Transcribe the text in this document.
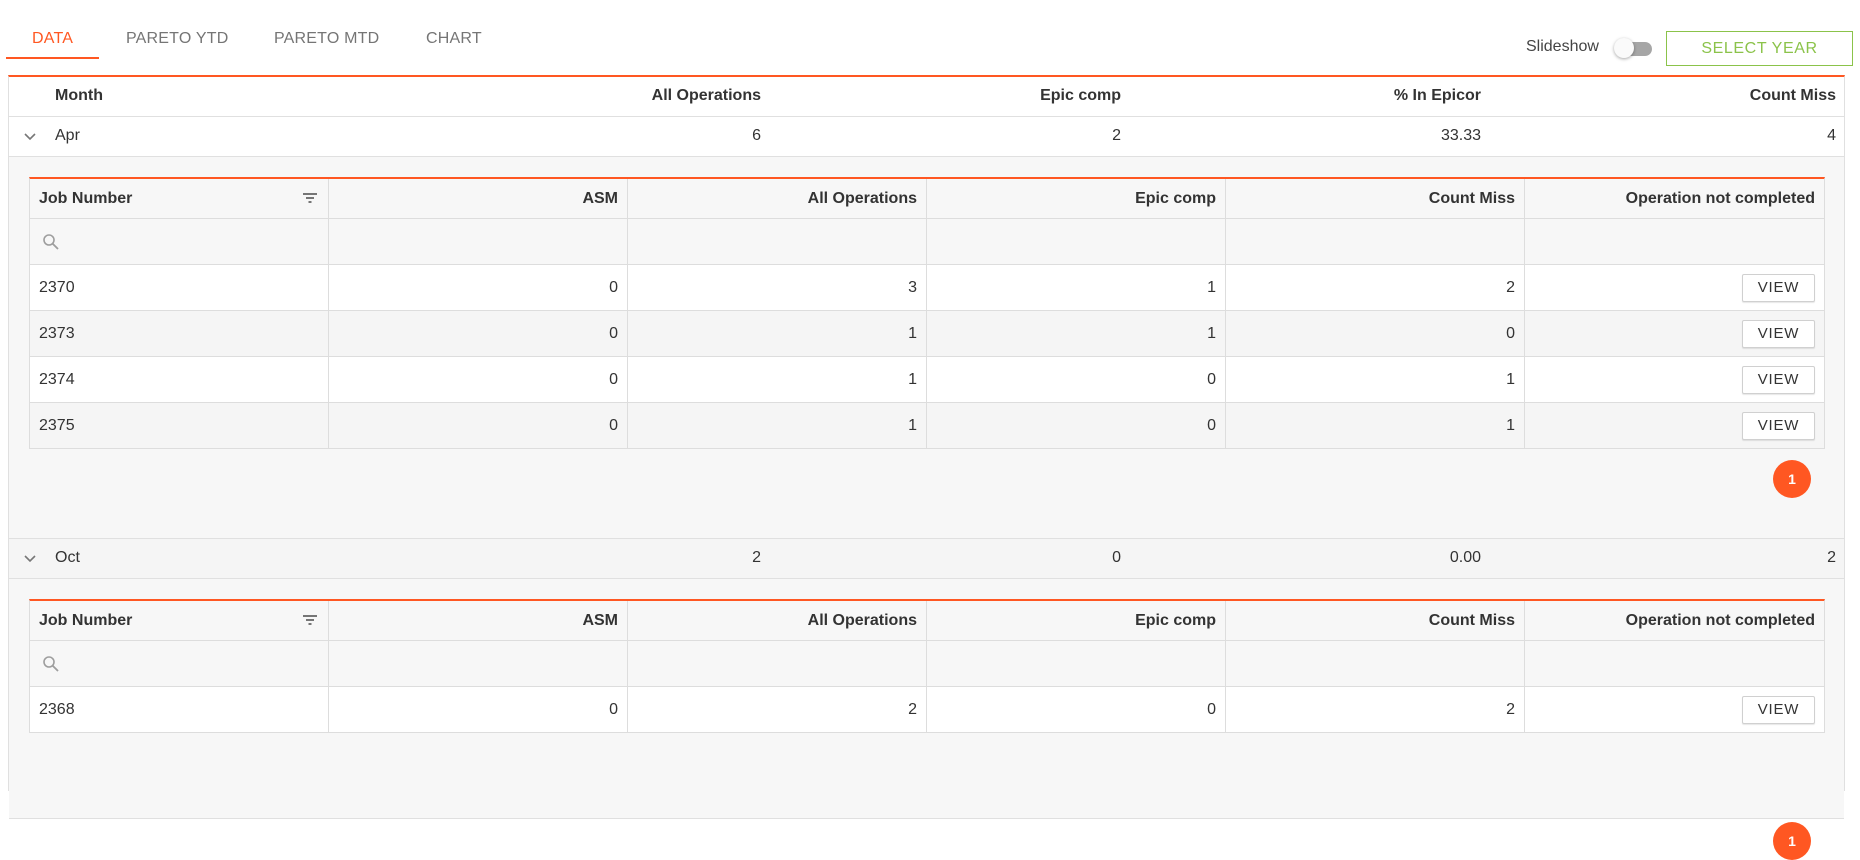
DATA	PARETO YTD	PARETO MTD	CHART	Slideshow	SELECT YEAR
Month	All Operations	Epic comp	% In Epicor	Count Miss
Apr	6	2	33.33	4
Job Number	ASM	All Operations	Epic comp	Count Miss	Operation not completed
2370	0	3	1	2	VIEW
2373	0	1	1	0	VIEW
2374	0	1	0	1	VIEW
2375	0	1	0	1	VIEW
1
Oct	2	0	0.00	2
Job Number	ASM	All Operations	Epic comp	Count Miss	Operation not completed
2368	0	2	0	2	VIEW
1
